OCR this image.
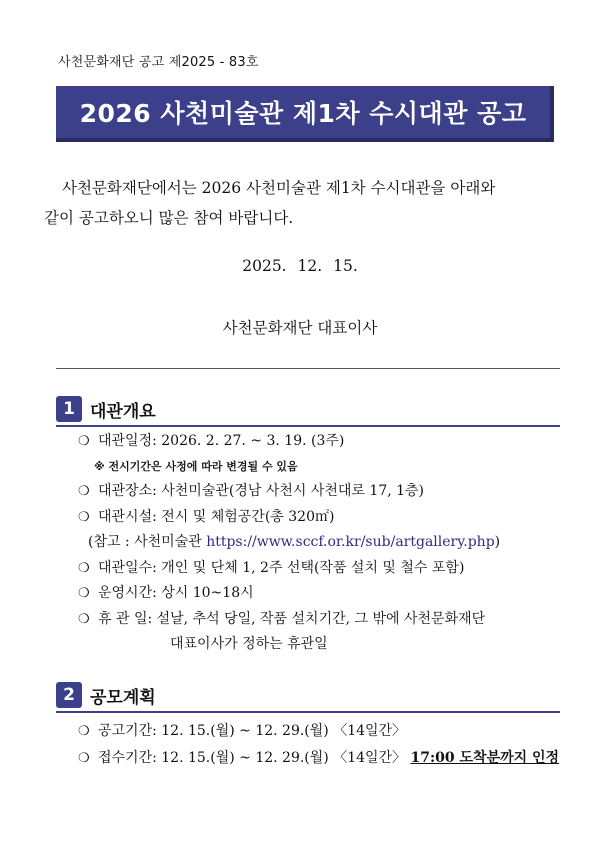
사천문화재단 공고 제2025 - 83호
2026 사천미술관 제1차 수시대관 공고

사천문화재단에서는 2026 사천미술관 제1차 수시대관을 아래와

같이 공고하오니 많은 참여 바랍니다.

2025. 12. 15.
사천문화재단 대표이사
1 대관개요
❍ 대관일정: 2026. 2. 27. ~ 3. 19. (3주)
※ 전시기간은 사정에 따라 변경될 수 있음
❍ 대관장소: 사천미술관(경남 사천시 사천대로 17, 1층)
❍ 대관시설: 전시 및 체험공간(총 320㎡)
(참고 : 사천미술관 https://www.sccf.or.kr/sub/artgallery.php)
❍ 대관일수: 개인 및 단체 1, 2주 선택(작품 설치 및 철수 포함)
❍ 운영시간: 상시 10~18시
❍ 휴 관 일: 설날, 추석 당일, 작품 설치기간, 그 밖에 사천문화재단
대표이사가 정하는 휴관일
2 공모계획
❍ 공고기간: 12. 15.(월) ~ 12. 29.(월) 〈14일간〉
❍ 접수기간: 12. 15.(월) ~ 12. 29.(월) 〈14일간〉 17:00 도착분까지 인정
